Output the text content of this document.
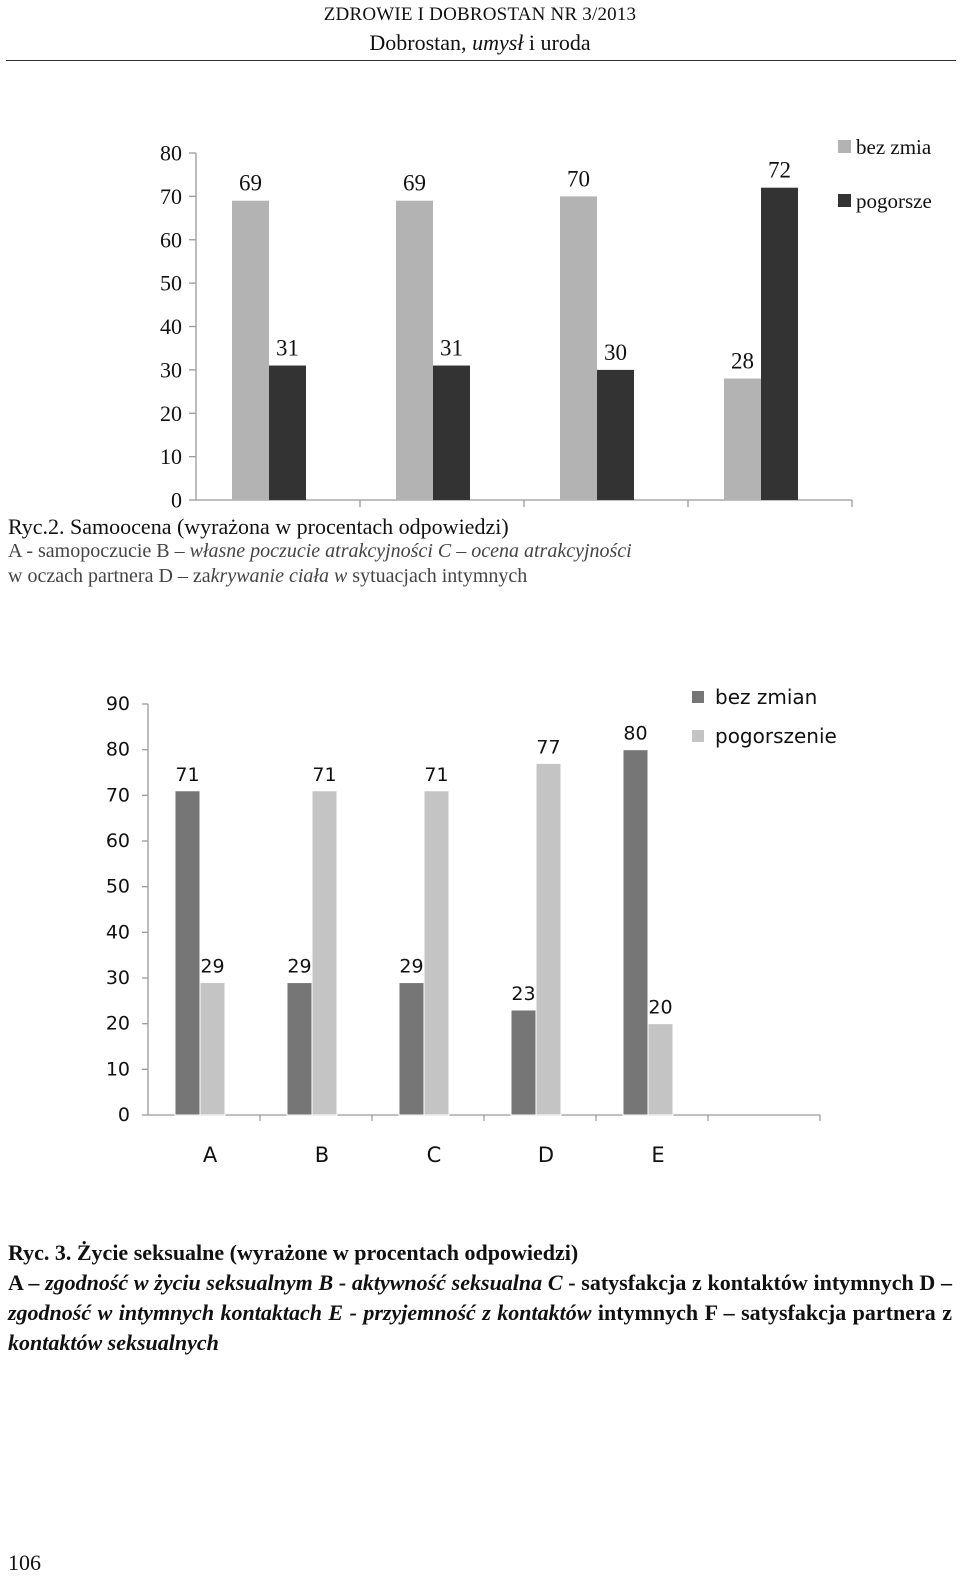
ZDROWIE I DOBROSTAN NR 3/2013
Dobrostan, umysł i uroda
0
10
20
30
40
50
60
70
80
69
31
69
31
70
30	28
72
bez zmia
pogorsze
Ryc.2. Samoocena (wyrażona w procentach odpowiedzi)
A - samopoczucie B – własne poczucie atrakcyjności C – ocena atrakcyjności
w oczach partnera D – zakrywanie ciała w sytuacjach intymnych
0
10
20
30
40
50
60
70
80
90
71
29
A
29
71
B
29
71
C
23
77
D
80
20
E
bez zmian
pogorszenie
Ryc. 3. Życie seksualne (wyrażone w procentach odpowiedzi)
A – zgodność w życiu seksualnym B - aktywność seksualna C - satysfakcja z kontaktów intymnych D – zgodność w intymnych kontaktach E - przyjemność z kontaktów intymnych F – satysfakcja partnera z kontaktów seksualnych
106
